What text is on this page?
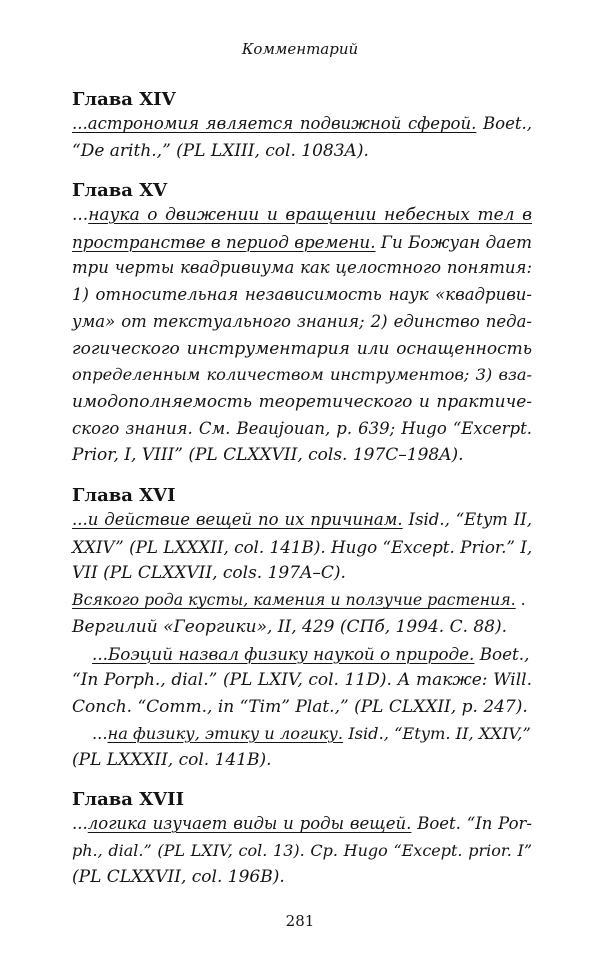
Комментарий

Глава XIV

...астрономия является подвижной сферой. Boet.,

“De arith.,” (PL LXIII, col. 1083A).

Глава XV

...наука о движении и вращении небесных тел в

пространстве в период времени. Ги Божуан дает

три черты квадривиума как целостного понятия:

1) относительная независимость наук «квадриви-

ума» от текстуального знания; 2) единство педа-

гогического инструментария или оснащенность

определенным количеством инструментов; 3) вза-

имодополняемость теоретического и практиче-

ского знания. См. Beaujouan, p. 639; Hugo “Excerpt.

Prior, I, VIII” (PL CLXXVII, cols. 197C–198A).

Глава XVI

...и действие вещей по их причинам. Isid., “Etym II,

XXIV” (PL LXXXII, col. 141B). Hugo “Except. Prior.” I,

VII (PL CLXXVII, cols. 197A–C).

Всякого рода кусты, камения и ползучие растения. .

Вергилий «Георгики», II, 429 (СПб, 1994. С. 88).

...Боэций назвал физику наукой о природе. Boet.,

“In Porph., dial.” (PL LXIV, col. 11D). А также: Will.

Conch. “Comm., in “Tim” Plat.,” (PL CLXXII, p. 247).

...на физику, этику и логику. Isid., “Etym. II, XXIV,”

(PL LXXXII, col. 141B).

Глава XVII

...логика изучает виды и роды вещей. Boet. “In Por-

ph., dial.” (PL LXIV, col. 13). Ср. Hugo “Except. prior. I”

(PL CLXXVII, col. 196B).

281
